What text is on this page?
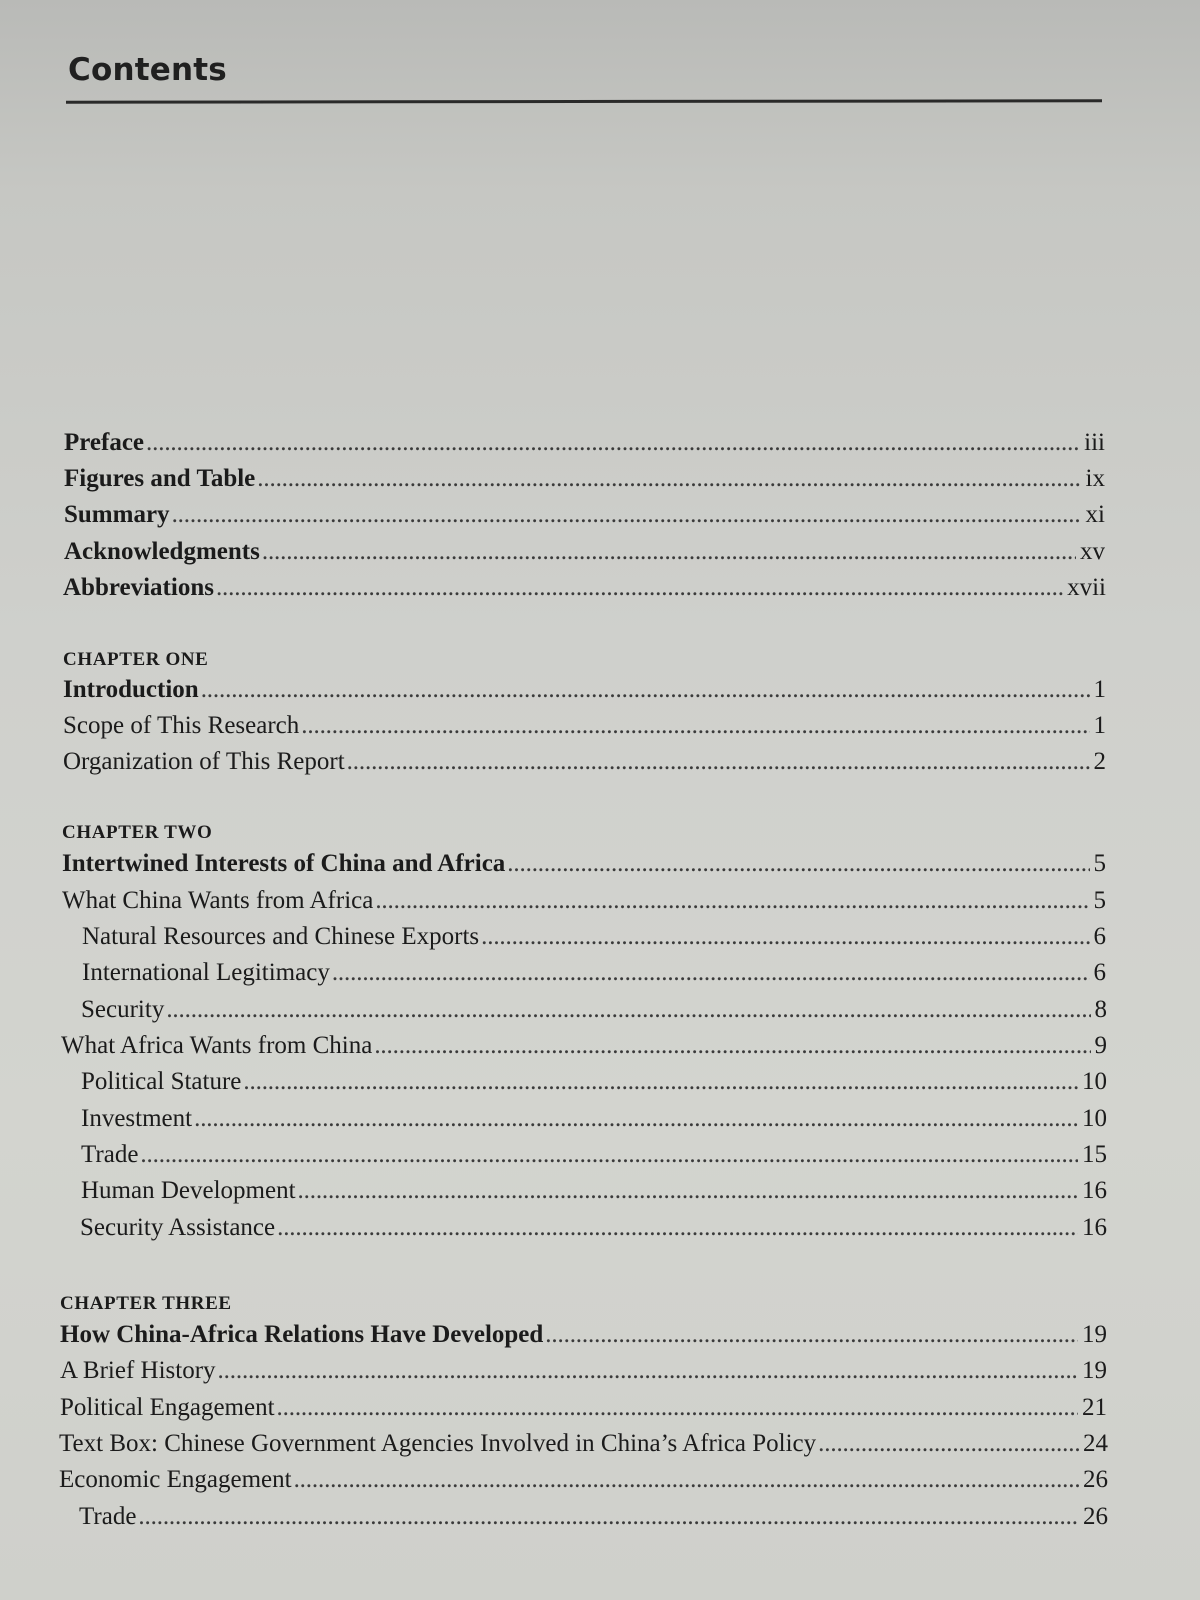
Contents
Preface . . .	iii
Figures and Table . . .	ix
Summary . . .	xi
Acknowledgments . . .	xv
Abbreviations . . .	xvii
CHAPTER ONE
Introduction . . .	1
Scope of This Research . . .	1
Organization of This Report . . .	2
CHAPTER TWO
Intertwined Interests of China and Africa . . .	5
What China Wants from Africa . . .	5
Natural Resources and Chinese Exports . . .	6
International Legitimacy . . .	6
Security . . .	8
What Africa Wants from China . . .	9
Political Stature . . .	10
Investment . . .	10
Trade . . .	15
Human Development . . .	16
Security Assistance . . .	16
CHAPTER THREE
How China-Africa Relations Have Developed . . .	19
A Brief History . . .	19
Political Engagement . . .	21
Text Box: Chinese Government Agencies Involved in China’s Africa Policy . . .	24
Economic Engagement . . .	26
Trade . . .	26
